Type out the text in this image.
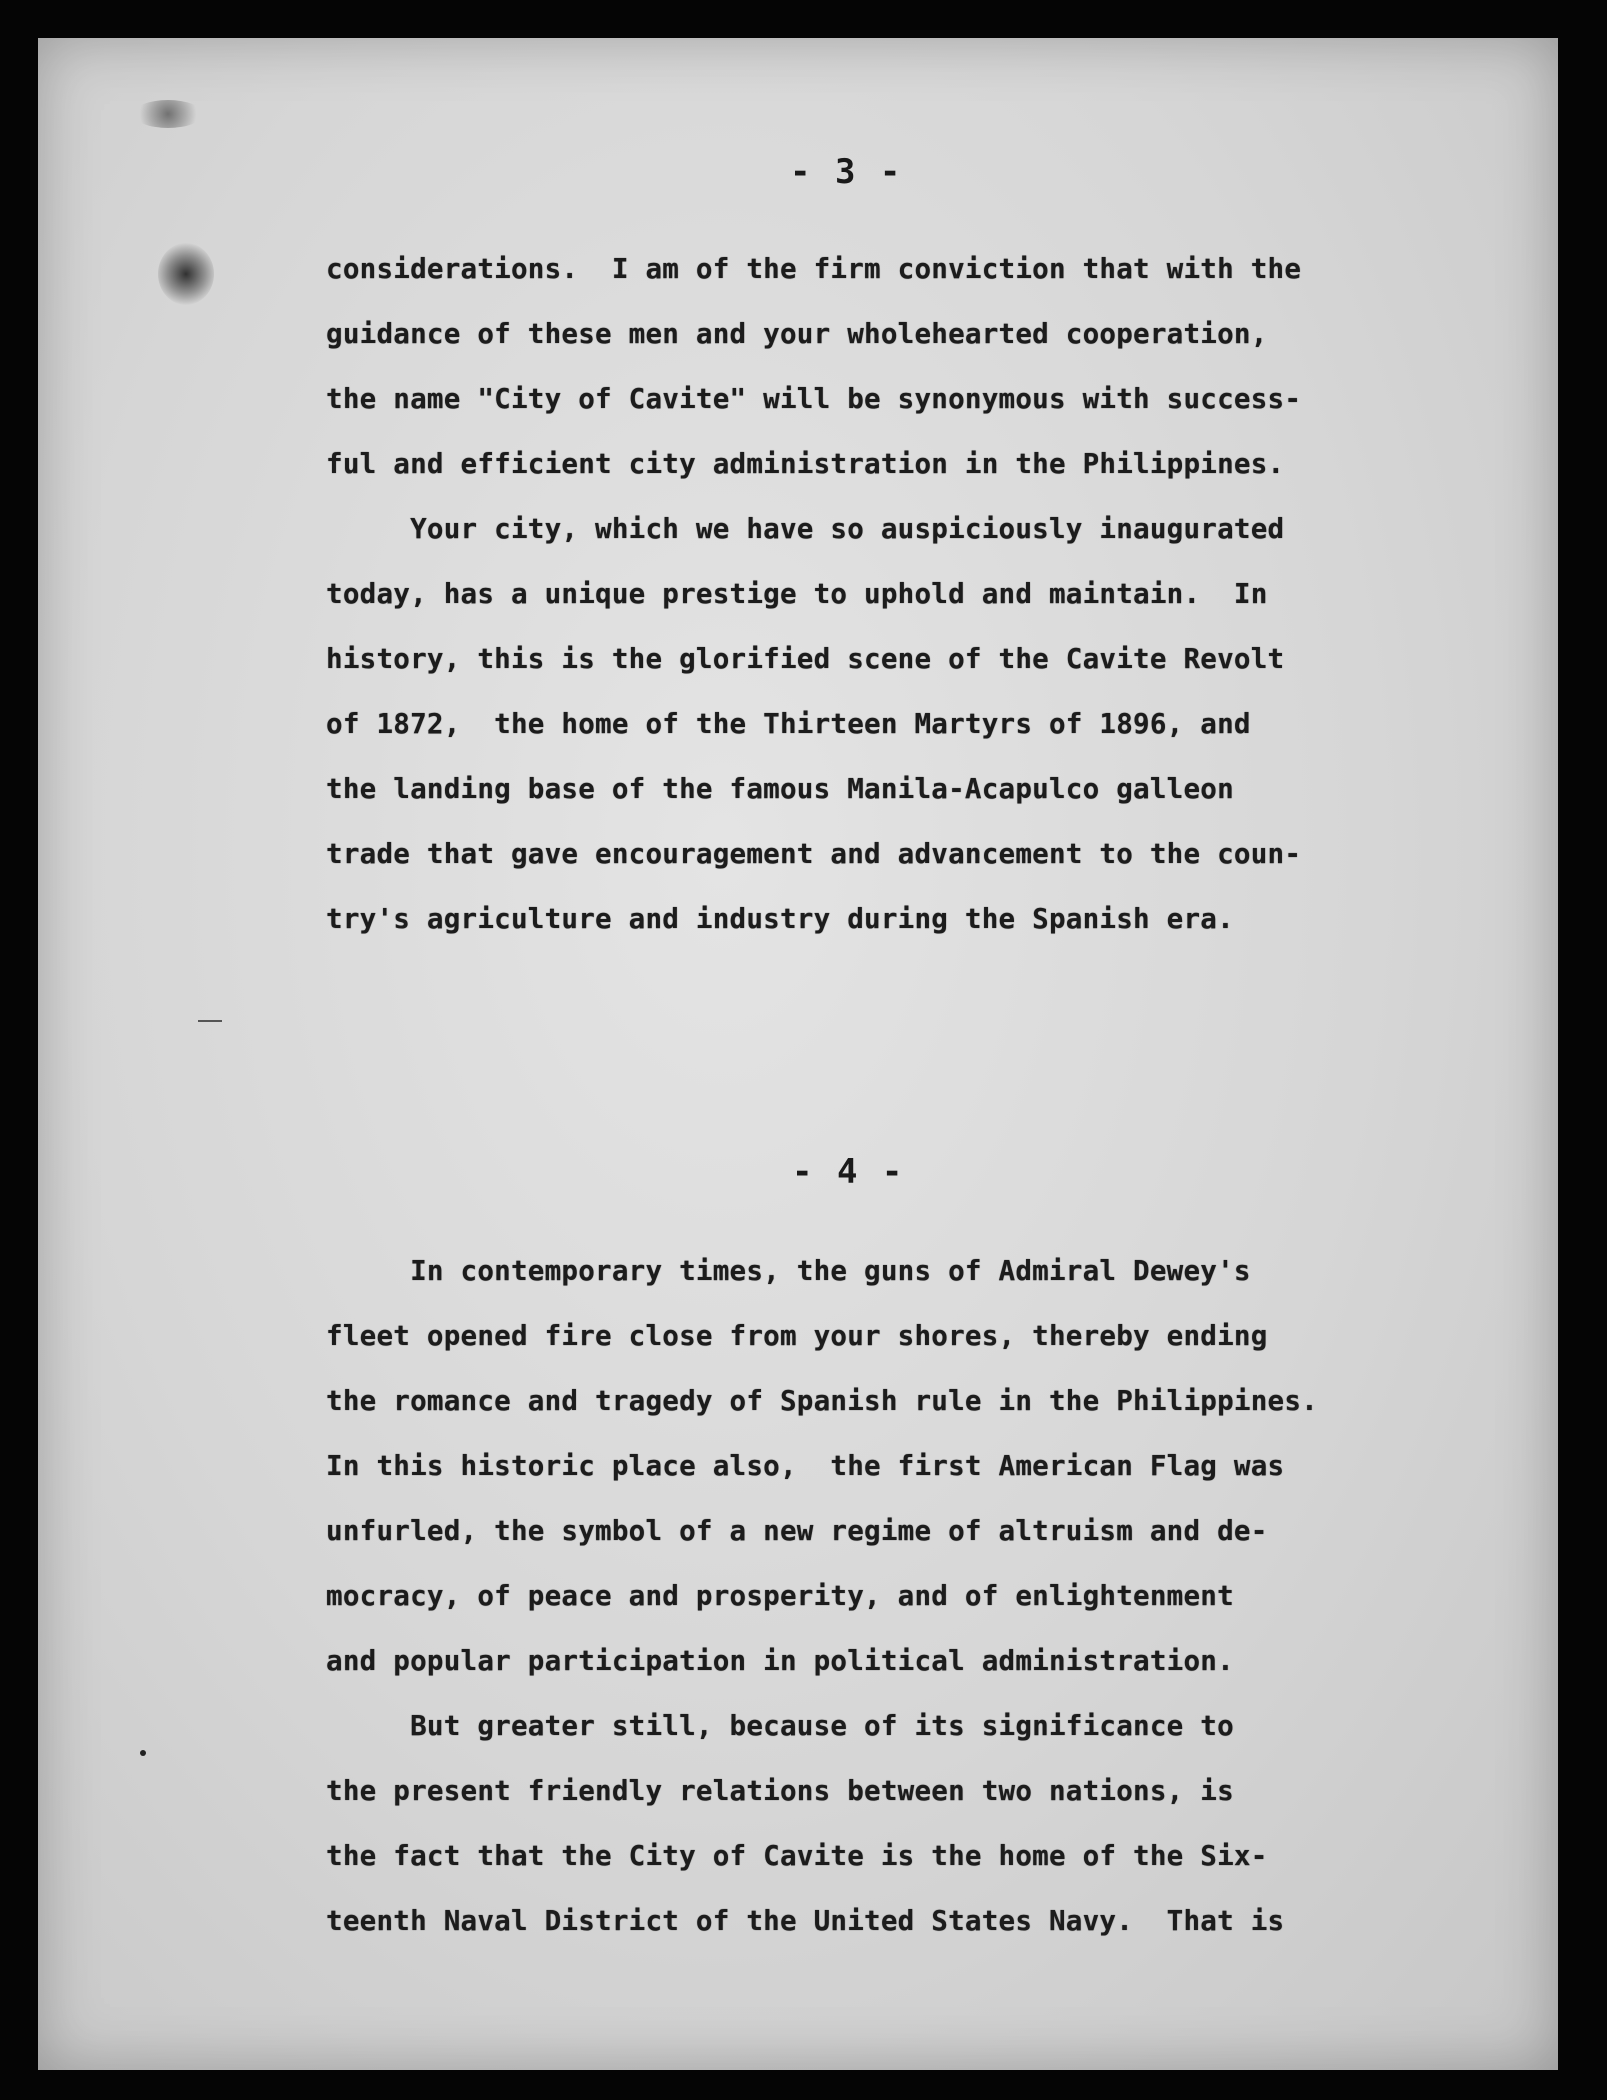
- 3 -
considerations.  I am of the firm conviction that with the
guidance of these men and your wholehearted cooperation,
the name "City of Cavite" will be synonymous with success-
ful and efficient city administration in the Philippines.
Your city, which we have so auspiciously inaugurated
today, has a unique prestige to uphold and maintain.  In
history, this is the glorified scene of the Cavite Revolt
of 1872,  the home of the Thirteen Martyrs of 1896, and
the landing base of the famous Manila-Acapulco galleon
trade that gave encouragement and advancement to the coun-
try's agriculture and industry during the Spanish era.
- 4 -
In contemporary times, the guns of Admiral Dewey's
fleet opened fire close from your shores, thereby ending
the romance and tragedy of Spanish rule in the Philippines.
In this historic place also,  the first American Flag was
unfurled, the symbol of a new regime of altruism and de-
mocracy, of peace and prosperity, and of enlightenment
and popular participation in political administration.
But greater still, because of its significance to
the present friendly relations between two nations, is
the fact that the City of Cavite is the home of the Six-
teenth Naval District of the United States Navy.  That is
